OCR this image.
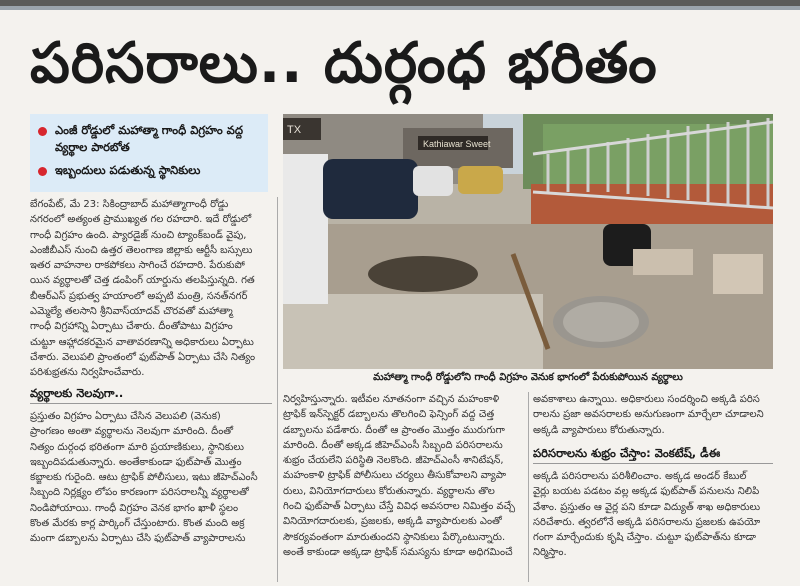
పరిసరాలు.. దుర్గంధ భరితం
ఎంజీ రోడ్డులో మహాత్మా గాంధీ విగ్రహం వద్ద వ్యర్థాల పారబోత
ఇబ్బందులు పడుతున్న స్థానికులు

బేగంపేట్, మే 23: సికింద్రాబాద్ మహాత్మాగాంధీ రోడ్డు

నగరంలో అత్యంత ప్రాముఖ్యత గల రహదారి. ఇదే రోడ్డులో

గాంధీ విగ్రహం ఉంది. ప్యారడైజ్ నుంచి ట్యాంక్‌బండ్ వైపు,

ఎంజీబీఎస్ నుంచి ఉత్తర తెలంగాణ జిల్లాకు ఆర్టీసీ బస్సులు

ఇతర వాహనాల రాకపోకలు సాగించే రహదారి. పేరుకుపో

యిన వ్యర్థాలతో చెత్త డంపింగ్ యార్డును తలపిస్తున్నది. గత

బీఆర్ఎస్ ప్రభుత్వ హయాంలో అప్పటి మంత్రి, సనత్‌నగర్

ఎమ్మెల్యే తలసాని శ్రీనివాస్‌యాదవ్ చొరవతో మహాత్మా

గాంధీ విగ్రహాన్ని ఏర్పాటు చేశారు. దీంతోపాటు విగ్రహం

చుట్టూ ఆహ్లాదకరమైన వాతావరణాన్ని అధికారులు ఏర్పాటు

చేశారు. వెలుపలి ప్రాంతంలో ఫుట్‌పాత్ ఏర్పాటు చేసి నిత్యం

పరిశుభ్రతను నిర్వహించేవారు.

వ్యర్థాలకు నెలవుగా..

ప్రస్తుతం విగ్రహం ఏర్పాటు చేసిన వెలుపలి (వెనుక)

ప్రాంగణం అంతా వ్యర్థాలను నెలవుగా మారింది. దీంతో

నిత్యం దుర్గంధ భరితంగా మారి ప్రయాణికులు, స్థానికులు

ఇబ్బందిపడుతున్నారు. అంతేకాకుండా ఫుట్‌పాత్ మొత్తం

కబ్జాలకు గురైంది. ఆటు ట్రాఫిక్ పోలీసులు, ఇటు జీహెచ్ఎంసీ

సిబ్బంది నిర్లక్ష్యం లోపం కారణంగా పరిసరాలన్నీ వ్యర్థాలతో

నిండిపోయాయి. గాంధీ విగ్రహం వెనక భాగం ఖాళీ స్థలం

కొంత మేరకు కార్ల పార్కింగ్ చేస్తుంటారు. కొంత మంది అక్ర

మంగా డబ్బాలను ఏర్పాటు చేసి ఫుట్‌పాత్ వ్యాపారాలను

Kathiawar Sweet
TX
మహాత్మా గాంధీ రోడ్డులోని గాంధీ విగ్రహం వెనుక భాగంలో పేరుకుపోయిన వ్యర్థాలు

నిర్వహిస్తున్నారు. ఇటీవల నూతనంగా వచ్చిన మహంకాళి

ట్రాఫిక్ ఇన్‌స్పెక్టర్ డబ్బాలను తొలగించి ఫెన్సింగ్ వద్ద చెత్త

డబ్బాలను పడేశారు. దీంతో ఆ ప్రాంతం మొత్తం మురుగుగా

మారింది. దీంతో అక్కడ జీహెచ్ఎంసీ సిబ్బంది పరిసరాలను

శుభ్రం చేయలేని పరిస్థితి నెలకొంది. జీహెచ్ఎంసీ శానిటేషన్,

మహంకాళి ట్రాఫిక్ పోలీసులు చర్యలు తీసుకోవాలని వ్యాపా

రులు, వినియోగదారులు కోరుతున్నారు. వ్యర్థాలను తొల

గించి ఫుట్‌పాత్ ఏర్పాటు చేస్తే వివిధ అవసరాల నిమిత్తం వచ్చే

వినియోగదారులకు, ప్రజలకు, అక్కడి వ్యాపారులకు ఎంతో

సౌకర్యవంతంగా మారుతుందని స్థానికులు పేర్కొంటున్నారు.

అంతే కాకుండా అక్కడా ట్రాఫిక్ సమస్యను కూడా అధిగమించే

అవకాశాలు ఉన్నాయి. అధికారులు సందర్శించి అక్కడి పరిస

రాలను ప్రజా అవసరాలకు అనుగుణంగా మార్చేలా చూడాలని

అక్కడి వ్యాపారులు కోరుతున్నారు.

పరిసరాలను శుభ్రం చేస్తాం: వెంకటేష్, డీఈ

అక్కడి పరిసరాలను పరిశీలించాం. అక్కడ అండర్ కేబుల్

వైర్లు బయట పడటం వల్ల అక్కడ ఫుట్‌పాత్ పనులను నిలిపి

వేశాం. ప్రస్తుతం ఆ వైర్ల పని కూడా విద్యుత్ శాఖ అధికారులు

సరిచేశారు. త్వరలోనే అక్కడి పరిసరాలను ప్రజలకు ఉపయో

గంగా మార్చేందుకు కృషి చేస్తాం. చుట్టూ ఫుట్‌పాత్‌ను కూడా

నిర్మిస్తాం.
